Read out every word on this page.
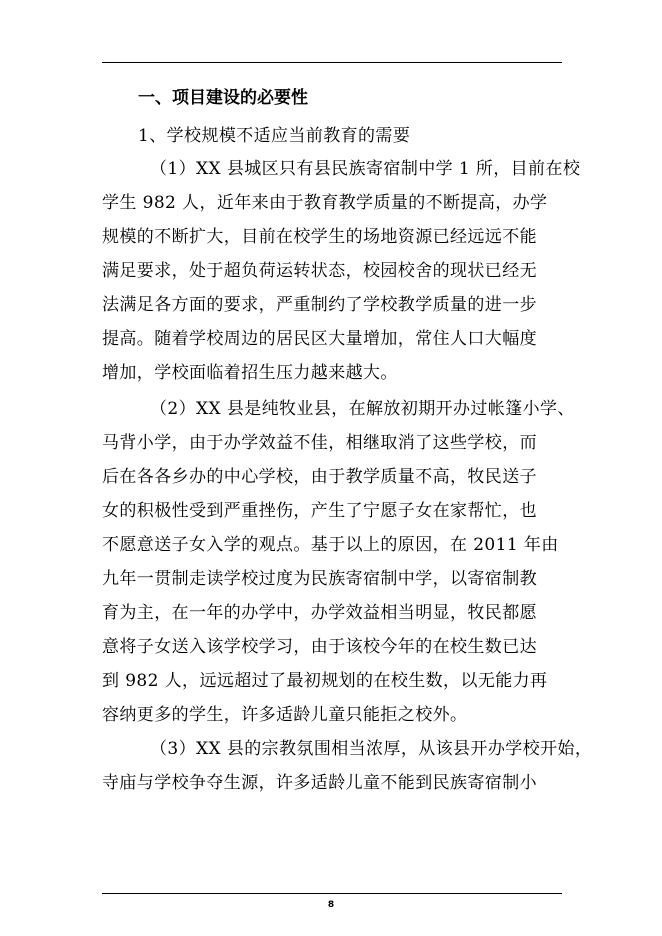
一、项目建设的必要性
1、学校规模不适应当前教育的需要
（1）XX 县城区只有县民族寄宿制中学 1 所，目前在校
学生 982 人，近年来由于教育教学质量的不断提高，办学
规模的不断扩大，目前在校学生的场地资源已经远远不能
满足要求，处于超负荷运转状态，校园校舍的现状已经无
法满足各方面的要求，严重制约了学校教学质量的进一步
提高。随着学校周边的居民区大量增加，常住人口大幅度
增加，学校面临着招生压力越来越大。
（2）XX 县是纯牧业县，在解放初期开办过帐篷小学、
马背小学，由于办学效益不佳，相继取消了这些学校，而
后在各各乡办的中心学校，由于教学质量不高，牧民送子
女的积极性受到严重挫伤，产生了宁愿子女在家帮忙，也
不愿意送子女入学的观点。基于以上的原因，在 2011 年由
九年一贯制走读学校过度为民族寄宿制中学，以寄宿制教
育为主，在一年的办学中，办学效益相当明显，牧民都愿
意将子女送入该学校学习，由于该校今年的在校生数已达
到 982 人，远远超过了最初规划的在校生数，以无能力再
容纳更多的学生，许多适龄儿童只能拒之校外。
（3）XX 县的宗教氛围相当浓厚，从该县开办学校开始，
寺庙与学校争夺生源，许多适龄儿童不能到民族寄宿制小
8
